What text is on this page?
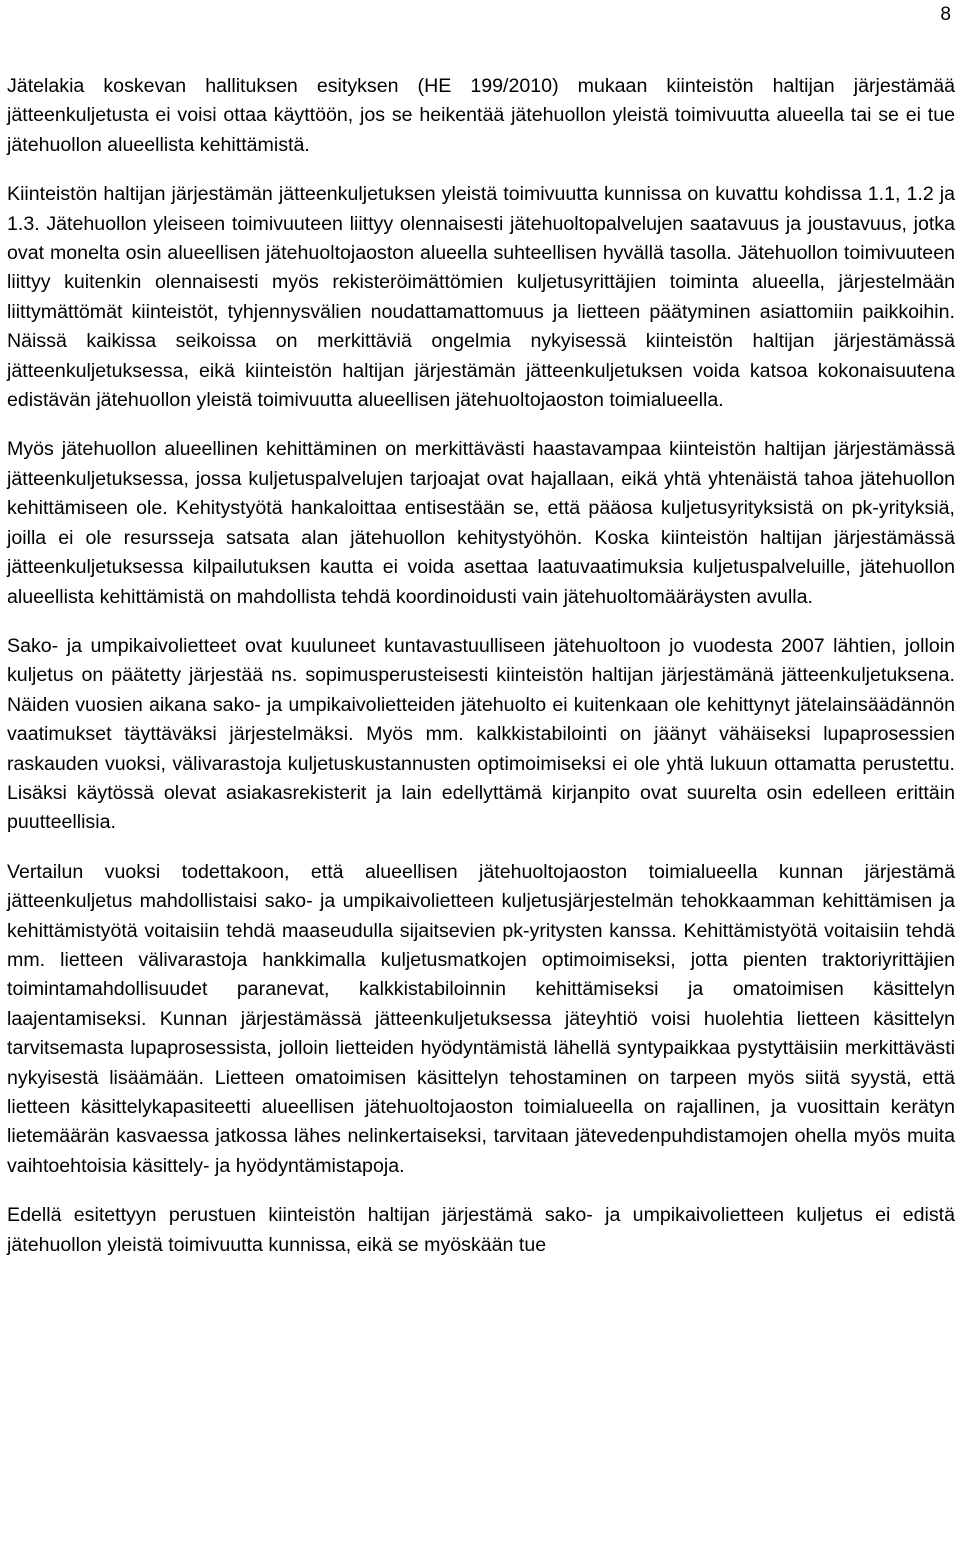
8

Jätelakia koskevan hallituksen esityksen (HE 199/2010) mukaan kiinteistön haltijan järjestämää jätteenkuljetusta ei voisi ottaa käyttöön, jos se heikentää jätehuollon yleistä toimivuutta alueella tai se ei tue jätehuollon alueellista kehittämistä.

Kiinteistön haltijan järjestämän jätteenkuljetuksen yleistä toimivuutta kunnissa on kuvattu kohdissa 1.1, 1.2 ja 1.3. Jätehuollon yleiseen toimivuuteen liittyy olennaisesti jätehuoltopalvelujen saatavuus ja joustavuus, jotka ovat monelta osin alueellisen jätehuoltojaoston alueella suhteellisen hyvällä tasolla. Jätehuollon toimivuuteen liittyy kuitenkin olennaisesti myös rekisteröimättömien kuljetusyrittäjien toiminta alueella, järjestelmään liittymättömät kiinteistöt, tyhjennysvälien noudattamattomuus ja lietteen päätyminen asiattomiin paikkoihin. Näissä kaikissa seikoissa on merkittäviä ongelmia nykyisessä kiinteistön haltijan järjestämässä jätteenkuljetuksessa, eikä kiinteistön haltijan järjestämän jätteenkuljetuksen voida katsoa kokonaisuutena edistävän jätehuollon yleistä toimivuutta alueellisen jätehuoltojaoston toimialueella.

Myös jätehuollon alueellinen kehittäminen on merkittävästi haastavampaa kiinteistön haltijan järjestämässä jätteenkuljetuksessa, jossa kuljetuspalvelujen tarjoajat ovat hajallaan, eikä yhtä yhtenäistä tahoa jätehuollon kehittämiseen ole. Kehitystyötä hankaloittaa entisestään se, että pääosa kuljetusyrityksistä on pk-yrityksiä, joilla ei ole resursseja satsata alan jätehuollon kehitystyöhön. Koska kiinteistön haltijan järjestämässä jätteenkuljetuksessa kilpailutuksen kautta ei voida asettaa laatuvaatimuksia kuljetuspalveluille, jätehuollon alueellista kehittämistä on mahdollista tehdä koordinoidusti vain jätehuoltomääräysten avulla.

Sako- ja umpikaivolietteet ovat kuuluneet kuntavastuulliseen jätehuoltoon jo vuodesta 2007 lähtien, jolloin kuljetus on päätetty järjestää ns. sopimusperusteisesti kiinteistön haltijan järjestämänä jätteenkuljetuksena. Näiden vuosien aikana sako- ja umpikaivolietteiden jätehuolto ei kuitenkaan ole kehittynyt jätelainsäädännön vaatimukset täyttäväksi järjestelmäksi. Myös mm. kalkkistabilointi on jäänyt vähäiseksi lupaprosessien raskauden vuoksi, välivarastoja kuljetuskustannusten optimoimiseksi ei ole yhtä lukuun ottamatta perustettu. Lisäksi käytössä olevat asiakasrekisterit ja lain edellyttämä kirjanpito ovat suurelta osin edelleen erittäin puutteellisia.

Vertailun vuoksi todettakoon, että alueellisen jätehuoltojaoston toimialueella kunnan järjestämä jätteenkuljetus mahdollistaisi sako- ja umpikaivolietteen kuljetusjärjestelmän tehokkaamman kehittämisen ja kehittämistyötä voitaisiin tehdä maaseudulla sijaitsevien pk-yritysten kanssa. Kehittämistyötä voitaisiin tehdä mm. lietteen välivarastoja hankkimalla kuljetusmatkojen optimoimiseksi, jotta pienten traktoriyrittäjien toimintamahdollisuudet paranevat, kalkkistabiloinnin kehittämiseksi ja omatoimisen käsittelyn laajentamiseksi. Kunnan järjestämässä jätteenkuljetuksessa jäteyhtiö voisi huolehtia lietteen käsittelyn tarvitsemasta lupaprosessista, jolloin lietteiden hyödyntämistä lähellä syntypaikkaa pystyttäisiin merkittävästi nykyisestä lisäämään. Lietteen omatoimisen käsittelyn tehostaminen on tarpeen myös siitä syystä, että lietteen käsittelykapasiteetti alueellisen jätehuoltojaoston toimialueella on rajallinen, ja vuosittain kerätyn lietemäärän kasvaessa jatkossa lähes nelinkertaiseksi, tarvitaan jätevedenpuhdistamojen ohella myös muita vaihtoehtoisia käsittely- ja hyödyntämistapoja.

Edellä esitettyyn perustuen kiinteistön haltijan järjestämä sako- ja umpikaivolietteen kuljetus ei edistä jätehuollon yleistä toimivuutta kunnissa, eikä se myöskään tue
